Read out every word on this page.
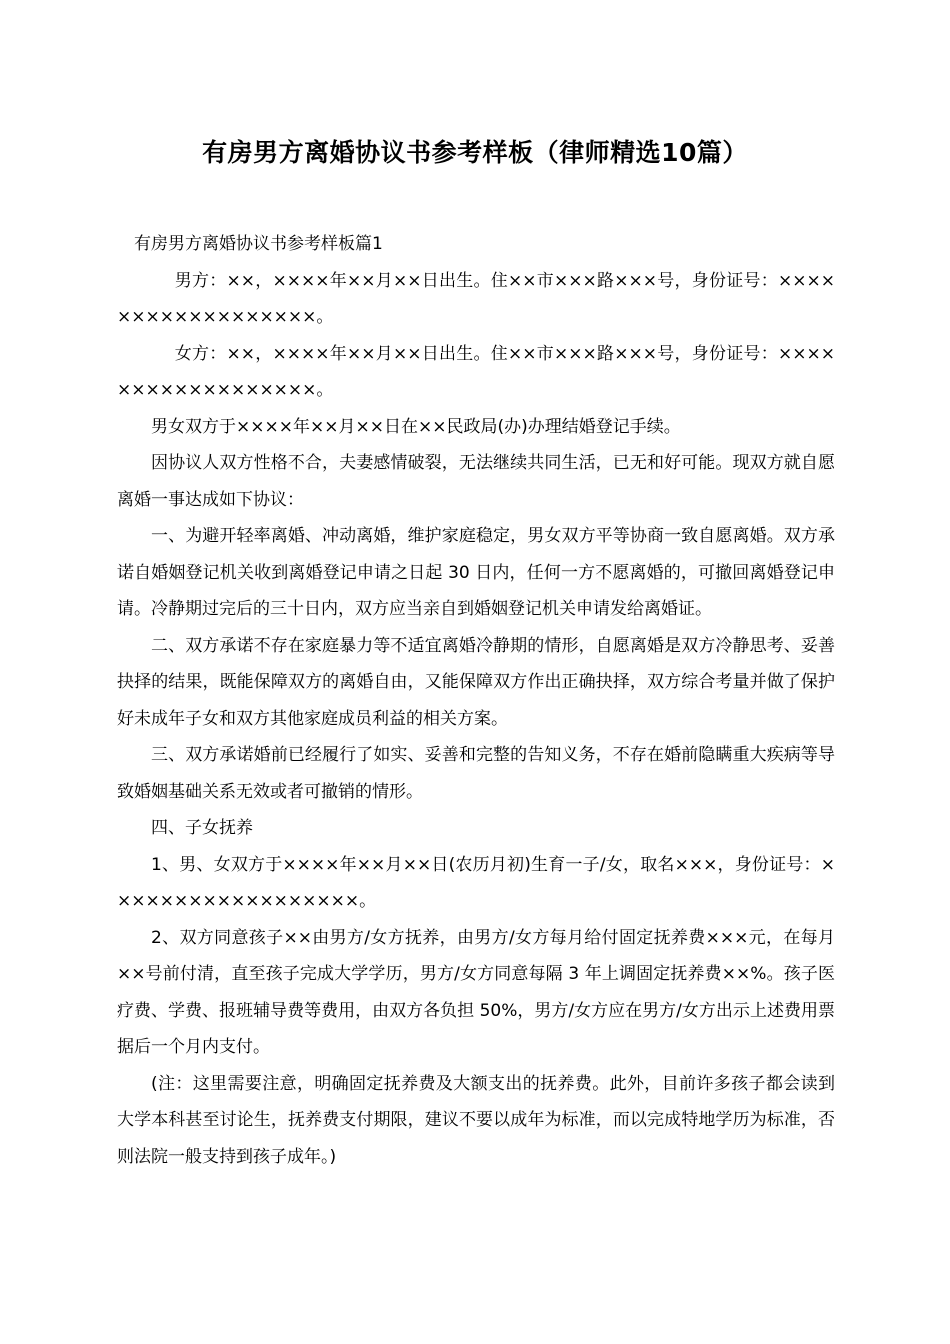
有房男方离婚协议书参考样板（律师精选10篇）

有房男方离婚协议书参考样板篇1

男方：××，××××年××月××日出生。住××市×××路×××号，身份证号：××××××××××××××××××。

女方：××，××××年××月××日出生。住××市×××路×××号，身份证号：××××××××××××××××××。

男女双方于××××年××月××日在××民政局(办)办理结婚登记手续。

因协议人双方性格不合，夫妻感情破裂，无法继续共同生活，已无和好可能。现双方就自愿离婚一事达成如下协议：

一、为避开轻率离婚、冲动离婚，维护家庭稳定，男女双方平等协商一致自愿离婚。双方承诺自婚姻登记机关收到离婚登记申请之日起 30 日内，任何一方不愿离婚的，可撤回离婚登记申请。冷静期过完后的三十日内，双方应当亲自到婚姻登记机关申请发给离婚证。

二、双方承诺不存在家庭暴力等不适宜离婚冷静期的情形，自愿离婚是双方冷静思考、妥善抉择的结果，既能保障双方的离婚自由，又能保障双方作出正确抉择，双方综合考量并做了保护好未成年子女和双方其他家庭成员利益的相关方案。

三、双方承诺婚前已经履行了如实、妥善和完整的告知义务，不存在婚前隐瞒重大疾病等导致婚姻基础关系无效或者可撤销的情形。

四、子女抚养

1、男、女双方于××××年××月××日(农历月初)生育一子/女，取名×××，身份证号：××××××××××××××××××。

2、双方同意孩子××由男方/女方抚养，由男方/女方每月给付固定抚养费×××元，在每月××号前付清，直至孩子完成大学学历，男方/女方同意每隔 3 年上调固定抚养费××%。孩子医疗费、学费、报班辅导费等费用，由双方各负担 50%，男方/女方应在男方/女方出示上述费用票据后一个月内支付。

(注：这里需要注意，明确固定抚养费及大额支出的抚养费。此外，目前许多孩子都会读到大学本科甚至讨论生，抚养费支付期限，建议不要以成年为标准，而以完成特地学历为标准，否则法院一般支持到孩子成年。)
